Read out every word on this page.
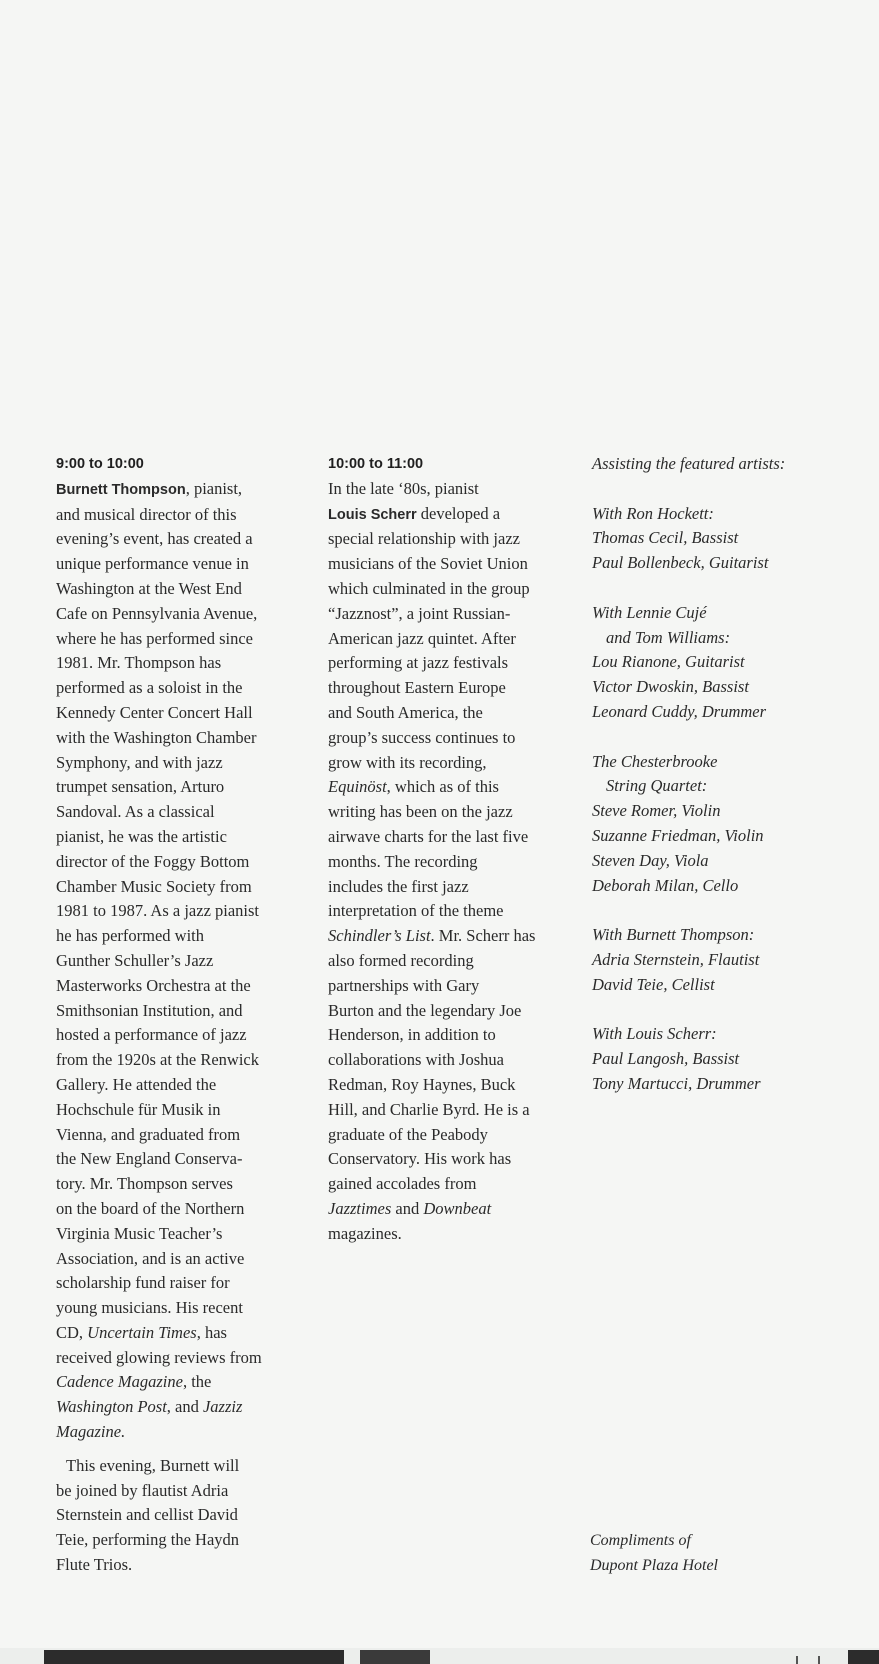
9:00 to 10:00
Burnett Thompson, pianist,
and musical director of this
evening’s event, has created a
unique performance venue in
Washington at the West End
Cafe on Pennsylvania Avenue,
where he has performed since
1981. Mr. Thompson has
performed as a soloist in the
Kennedy Center Concert Hall
with the Washington Chamber
Symphony, and with jazz
trumpet sensation, Arturo
Sandoval. As a classical
pianist, he was the artistic
director of the Foggy Bottom
Chamber Music Society from
1981 to 1987. As a jazz pianist
he has performed with
Gunther Schuller’s Jazz
Masterworks Orchestra at the
Smithsonian Institution, and
hosted a performance of jazz
from the 1920s at the Renwick
Gallery. He attended the
Hochschule für Musik in
Vienna, and graduated from
the New England Conserva-
tory. Mr. Thompson serves
on the board of the Northern
Virginia Music Teacher’s
Association, and is an active
scholarship fund raiser for
young musicians. His recent
CD, Uncertain Times, has
received glowing reviews from
Cadence Magazine, the
Washington Post, and Jazziz
Magazine.
This evening, Burnett will
be joined by flautist Adria
Sternstein and cellist David
Teie, performing the Haydn
Flute Trios.
10:00 to 11:00
In the late ‘80s, pianist
Louis Scherr developed a
special relationship with jazz
musicians of the Soviet Union
which culminated in the group
“Jazznost”, a joint Russian-
American jazz quintet. After
performing at jazz festivals
throughout Eastern Europe
and South America, the
group’s success continues to
grow with its recording,
Equinöst, which as of this
writing has been on the jazz
airwave charts for the last five
months. The recording
includes the first jazz
interpretation of the theme
Schindler’s List. Mr. Scherr has
also formed recording
partnerships with Gary
Burton and the legendary Joe
Henderson, in addition to
collaborations with Joshua
Redman, Roy Haynes, Buck
Hill, and Charlie Byrd. He is a
graduate of the Peabody
Conservatory. His work has
gained accolades from
Jazztimes and Downbeat
magazines.
Assisting the featured artists:
With Ron Hockett:
Thomas Cecil, Bassist
Paul Bollenbeck, Guitarist
With Lennie Cujé
and Tom Williams:
Lou Rianone, Guitarist
Victor Dwoskin, Bassist
Leonard Cuddy, Drummer
The Chesterbrooke
String Quartet:
Steve Romer, Violin
Suzanne Friedman, Violin
Steven Day, Viola
Deborah Milan, Cello
With Burnett Thompson:
Adria Sternstein, Flautist
David Teie, Cellist
With Louis Scherr:
Paul Langosh, Bassist
Tony Martucci, Drummer
Compliments of
Dupont Plaza Hotel
